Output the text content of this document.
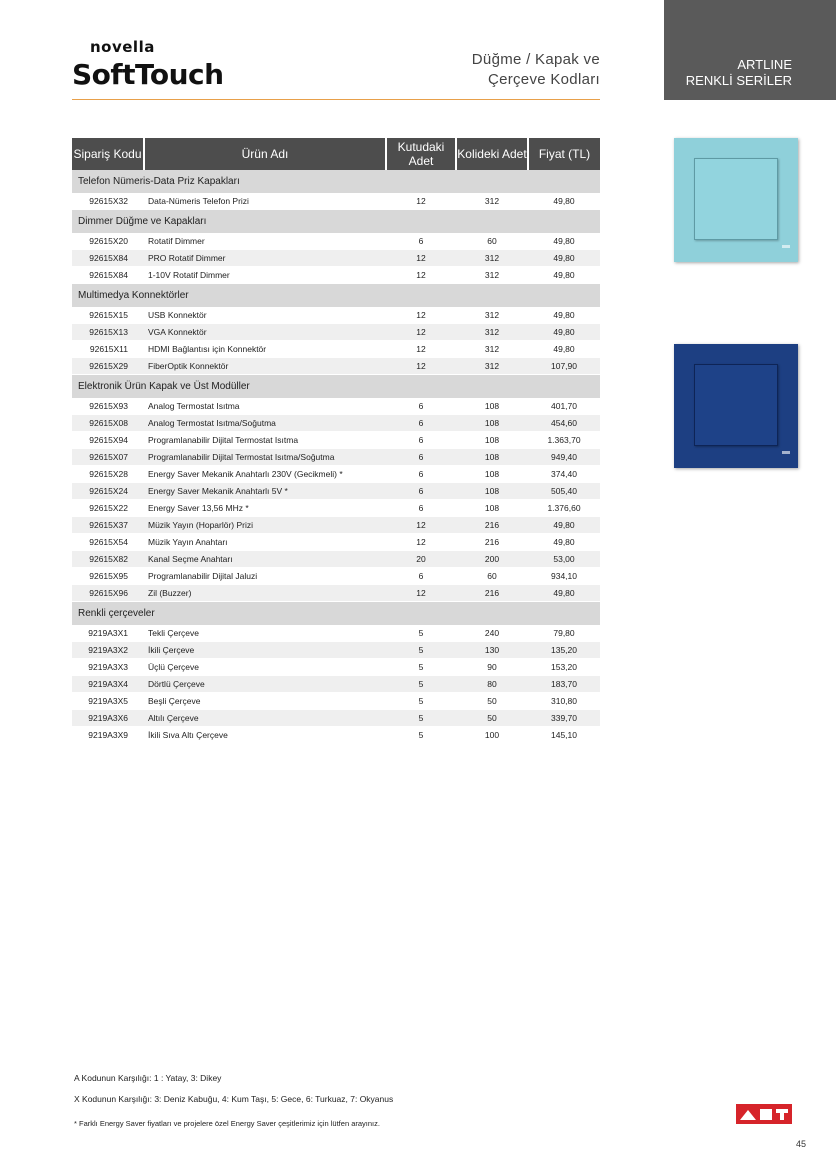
novella
SoftTouch	Düğme / Kapak ve
Çerçeve Kodları
ARTLINE
RENKLİ SERİLER
Sipariş Kodu	Ürün Adı	Kutudaki Adet	Kolideki Adet	Fiyat (TL)
Telefon Nümeris-Data Priz Kapakları				
92615X32	Data-Nümeris Telefon Prizi	12	312	49,80
Dimmer Düğme ve Kapakları				
92615X20	Rotatif Dimmer	6	60	49,80
92615X84	PRO Rotatif Dimmer	12	312	49,80
92615X84	1-10V Rotatif Dimmer	12	312	49,80
Multimedya Konnektörler				
92615X15	USB Konnektör	12	312	49,80
92615X13	VGA Konnektör	12	312	49,80
92615X11	HDMI Bağlantısı için Konnektör	12	312	49,80
92615X29	FiberOptik Konnektör	12	312	107,90
Elektronik Ürün Kapak ve Üst Modüller				
92615X93	Analog Termostat Isıtma	6	108	401,70
92615X08	Analog Termostat Isıtma/Soğutma	6	108	454,60
92615X94	Programlanabilir Dijital Termostat Isıtma	6	108	1.363,70
92615X07	Programlanabilir Dijital Termostat Isıtma/Soğutma	6	108	949,40
92615X28	Energy Saver Mekanik Anahtarlı 230V (Gecikmeli) *	6	108	374,40
92615X24	Energy Saver Mekanik Anahtarlı 5V *	6	108	505,40
92615X22	Energy Saver 13,56 MHz *	6	108	1.376,60
92615X37	Müzik Yayın (Hoparlör) Prizi	12	216	49,80
92615X54	Müzik Yayın Anahtarı	12	216	49,80
92615X82	Kanal Seçme Anahtarı	20	200	53,00
92615X95	Programlanabilir Dijital Jaluzi	6	60	934,10
92615X96	Zil (Buzzer)	12	216	49,80
Renkli çerçeveler				
9219A3X1	Tekli Çerçeve	5	240	79,80
9219A3X2	İkili Çerçeve	5	130	135,20
9219A3X3	Üçlü Çerçeve	5	90	153,20
9219A3X4	Dörtlü Çerçeve	5	80	183,70
9219A3X5	Beşli Çerçeve	5	50	310,80
9219A3X6	Altılı Çerçeve	5	50	339,70
9219A3X9	İkili Sıva Altı Çerçeve	5	100	145,10
A Kodunun Karşılığı: 1 : Yatay, 3: Dikey
X Kodunun Karşılığı: 3: Deniz Kabuğu, 4: Kum Taşı, 5: Gece, 6: Turkuaz, 7: Okyanus
* Farklı Energy Saver fiyatları ve projelere özel Energy Saver çeşitlerimiz için lütfen arayınız.
45
